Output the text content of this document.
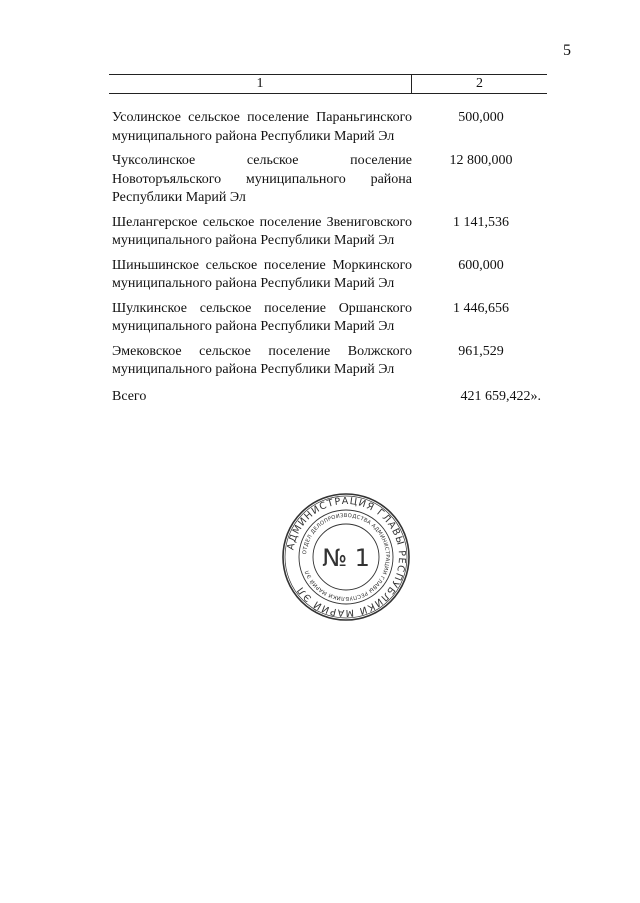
5
1	2
Усолинское сельское поселение Параньгинского муниципального района Республики Марий Эл
500,000
Чуксолинское сельское поселение Новоторъяльского муниципального района Республики Марий Эл
12 800,000
Шелангерское сельское поселение Звениговского муниципального района Республики Марий Эл
1 141,536
Шиньшинское сельское поселение Моркинского муниципального района Республики Марий Эл
600,000
Шулкинское сельское поселение Оршанского муниципального района Республики Марий Эл
1 446,656
Эмековское сельское поселение Волжского муниципального района Республики Марий Эл
961,529
Всего	421 659,422».
АДМИНИСТРАЦИЯ ГЛАВЫ РЕСПУБЛИКИ МАРИЙ ЭЛ
ОТДЕЛ ДЕЛОПРОИЗВОДСТВА АДМИНИСТРАЦИИ ГЛАВЫ РЕСПУБЛИКИ МАРИЙ ЭЛ
№ 1
